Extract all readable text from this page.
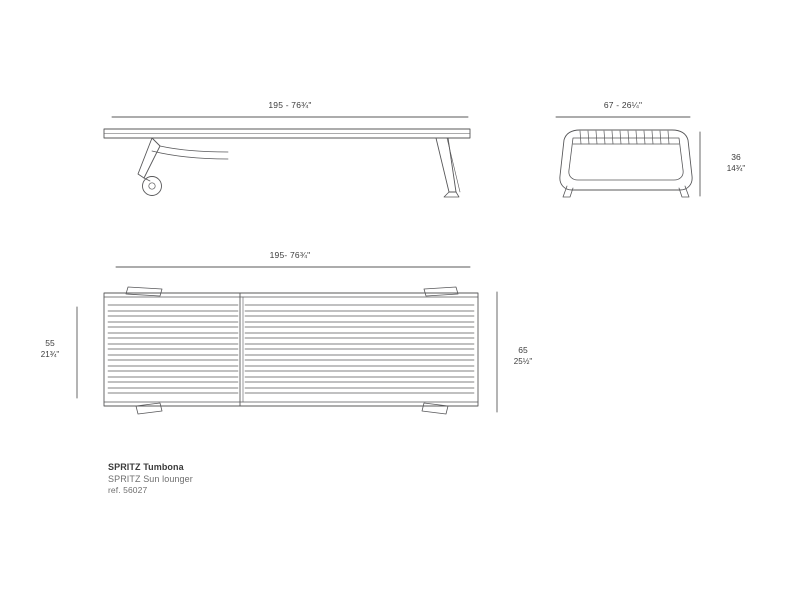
195 - 76¾"	67 - 26¼"
36
14¾"
195- 76¾"
55
21¾"	65
25½"
SPRITZ Tumbona
SPRITZ Sun lounger
ref. 56027
